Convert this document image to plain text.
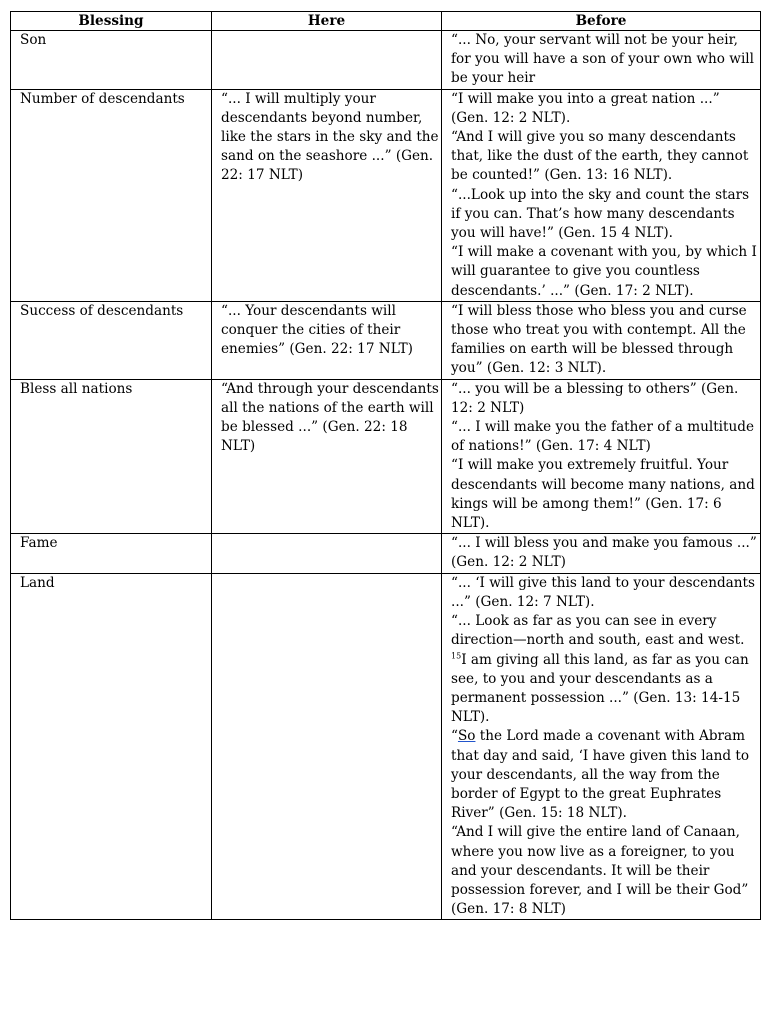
Blessing	Here	Before
Son		“... No, your servant will not be your heir, for you will have a son of your own who will be your heir

Number of descendants	“... I will multiply your descendants beyond number, like the stars in the sky and the sand on the seashore ...” (Gen. 22: 17 NLT)	“I will make you into a great nation ...” (Gen. 12: 2 NLT).
“And I will give you so many descendants that, like the dust of the earth, they cannot be counted!” (Gen. 13: 16 NLT).
“...Look up into the sky and count the stars if you can. That’s how many descendants you will have!” (Gen. 15 4 NLT).
“I will make a covenant with you, by which I will guarantee to give you countless descendants.’ ...” (Gen. 17: 2 NLT).

Success of descendants	“... Your descendants will conquer the cities of their enemies” (Gen. 22: 17 NLT)	“I will bless those who bless you and curse those who treat you with contempt. All the families on earth will be blessed through you” (Gen. 12: 3 NLT).

Bless all nations	“And through your descendants all the nations of the earth will be blessed ...” (Gen. 22: 18 NLT)	“... you will be a blessing to others” (Gen. 12: 2 NLT)
“... I will make you the father of a multitude of nations!” (Gen. 17: 4 NLT)
“I will make you extremely fruitful. Your descendants will become many nations, and kings will be among them!” (Gen. 17: 6 NLT).

Fame		“... I will bless you and make you famous ...” (Gen. 12: 2 NLT)

Land		“... ‘I will give this land to your descendants ...” (Gen. 12: 7 NLT).
“... Look as far as you can see in every direction—north and south, east and west. $^{15}$I am giving all this land, as far as you can see, to you and your descendants as a permanent possession ...” (Gen. 13: 14-15 NLT).
“So the Lord made a covenant with Abram that day and said, ‘I have given this land to your descendants, all the way from the border of Egypt to the great Euphrates River” (Gen. 15: 18 NLT).
“And I will give the entire land of Canaan, where you now live as a foreigner, to you and your descendants. It will be their possession forever, and I will be their God” (Gen. 17: 8 NLT)
